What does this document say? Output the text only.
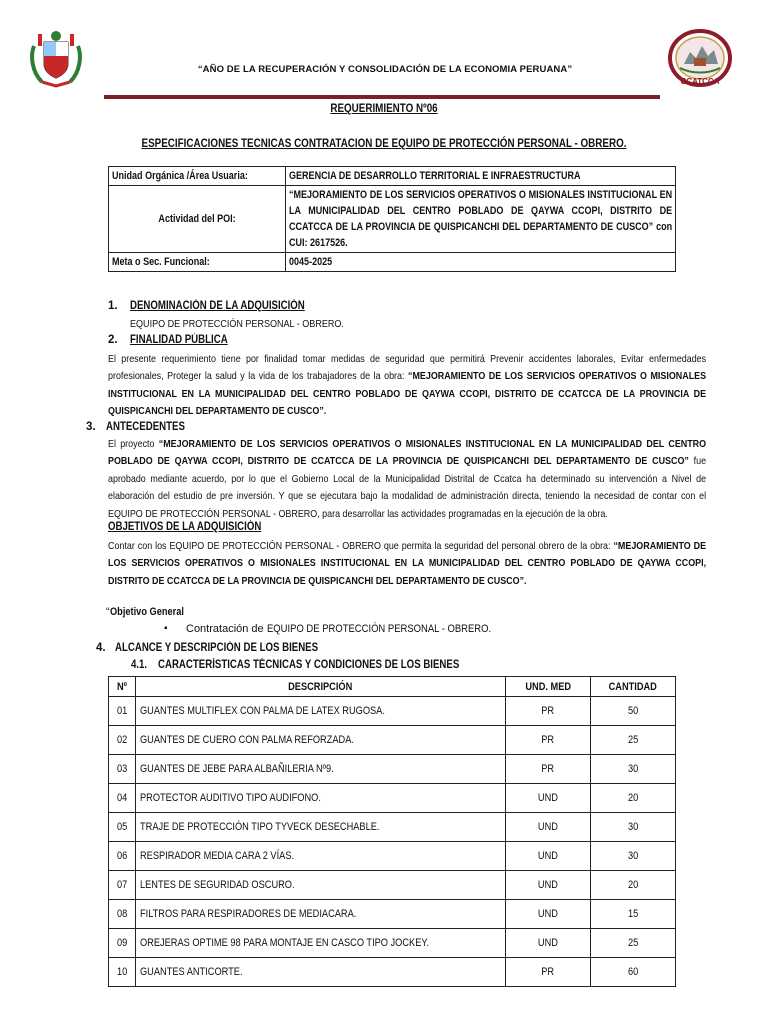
CCATCCA
“AÑO DE LA RECUPERACIÓN Y CONSOLIDACIÓN DE LA ECONOMIA PERUANA”
REQUERIMIENTO Nº06
ESPECIFICACIONES TECNICAS CONTRATACION DE EQUIPO DE PROTECCIÓN PERSONAL - OBRERO.
Unidad Orgánica /Área Usuaria:	GERENCIA DE DESARROLLO TERRITORIAL E INFRAESTRUCTURA
Actividad del POI:	“MEJORAMIENTO DE LOS SERVICIOS OPERATIVOS O MISIONALES INSTITUCIONAL EN LA MUNICIPALIDAD DEL CENTRO POBLADO DE QAYWA CCOPI, DISTRITO DE CCATCCA DE LA PROVINCIA DE QUISPICANCHI DEL DEPARTAMENTO DE CUSCO” con CUI: 2617526.
Meta o Sec. Funcional:	0045-2025
1. DENOMINACIÓN DE LA ADQUISICIÓN
EQUIPO DE PROTECCIÓN PERSONAL - OBRERO.
2. FINALIDAD PÚBLICA
El presente requerimiento tiene por finalidad tomar medidas de seguridad que permitirá Prevenir accidentes laborales, Evitar enfermedades profesionales, Proteger la salud y la vida de los trabajadores de la obra: “MEJORAMIENTO DE LOS SERVICIOS OPERATIVOS O MISIONALES INSTITUCIONAL EN LA MUNICIPALIDAD DEL CENTRO POBLADO DE QAYWA CCOPI, DISTRITO DE CCATCCA DE LA PROVINCIA DE QUISPICANCHI DEL DEPARTAMENTO DE CUSCO”.
3. ANTECEDENTES
El proyecto “MEJORAMIENTO DE LOS SERVICIOS OPERATIVOS O MISIONALES INSTITUCIONAL EN LA MUNICIPALIDAD DEL CENTRO POBLADO DE QAYWA CCOPI, DISTRITO DE CCATCCA DE LA PROVINCIA DE QUISPICANCHI DEL DEPARTAMENTO DE CUSCO” fue aprobado mediante acuerdo, por lo que el Gobierno Local de la Municipalidad Distrital de Ccatca ha determinado su intervención a Nivel de elaboración del estudio de pre inversión. Y que se ejecutara bajo la modalidad de administración directa, teniendo la necesidad de contar con el EQUIPO DE PROTECCIÓN PERSONAL - OBRERO, para desarrollar las actividades programadas en la ejecución de la obra.
OBJETIVOS DE LA ADQUISICIÓN
Contar con los EQUIPO DE PROTECCIÓN PERSONAL - OBRERO que permita la seguridad del personal obrero de la obra: “MEJORAMIENTO DE LOS SERVICIOS OPERATIVOS O MISIONALES INSTITUCIONAL EN LA MUNICIPALIDAD DEL CENTRO POBLADO DE QAYWA CCOPI, DISTRITO DE CCATCCA DE LA PROVINCIA DE QUISPICANCHI DEL DEPARTAMENTO DE CUSCO”.
“Objetivo General
▪ Contratación de EQUIPO DE PROTECCIÓN PERSONAL - OBRERO.
4. ALCANCE Y DESCRIPCIÓN DE LOS BIENES
4.1. CARACTERÍSTICAS TÉCNICAS Y CONDICIONES DE LOS BIENES
Nº	DESCRIPCIÓN	UND. MED	CANTIDAD
01	GUANTES MULTIFLEX CON PALMA DE LATEX RUGOSA.	PR	50
02	GUANTES DE CUERO CON PALMA REFORZADA.	PR	25
03	GUANTES DE JEBE PARA ALBAÑILERIA Nº9.	PR	30
04	PROTECTOR AUDITIVO TIPO AUDIFONO.	UND	20
05	TRAJE DE PROTECCIÓN TIPO TYVECK DESECHABLE.	UND	30
06	RESPIRADOR MEDIA CARA 2 VÍAS.	UND	30
07	LENTES DE SEGURIDAD OSCURO.	UND	20
08	FILTROS PARA RESPIRADORES DE MEDIACARA.	UND	15
09	OREJERAS OPTIME 98 PARA MONTAJE EN CASCO TIPO JOCKEY.	UND	25
10	GUANTES ANTICORTE.	PR	60
